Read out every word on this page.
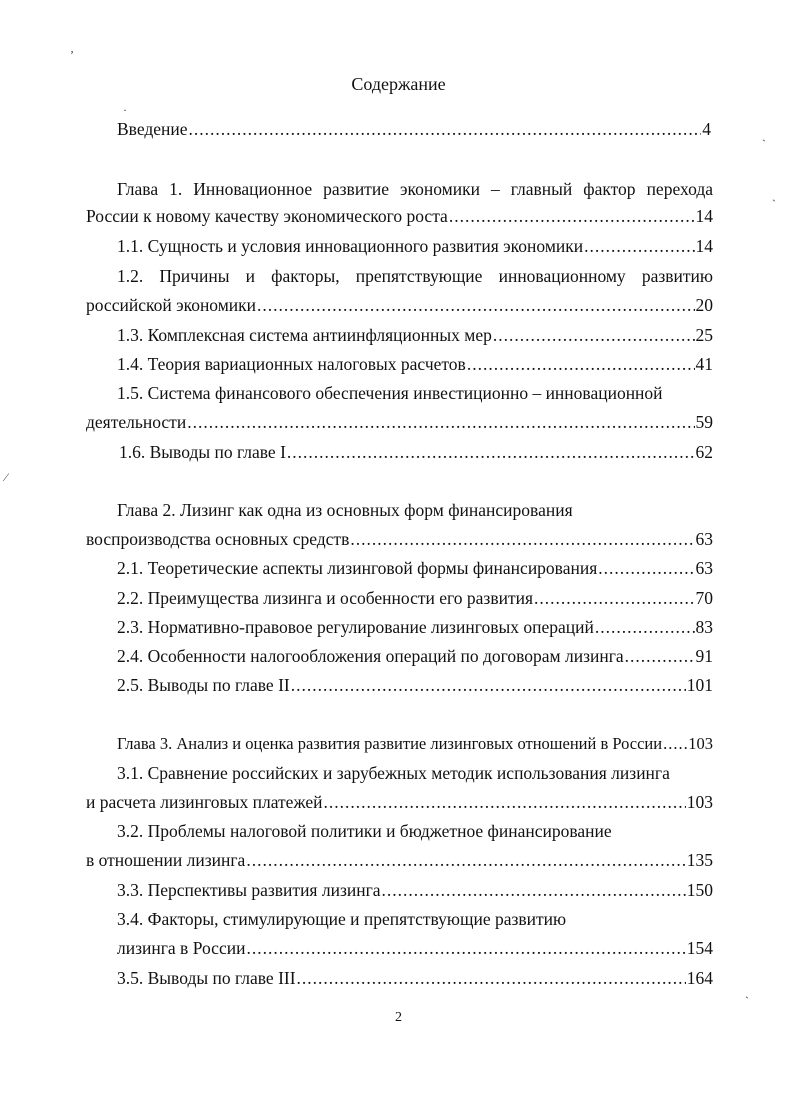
Содержание
Введение .....	4
Глава 1. Инновационное развитие экономики – главный фактор перехода
России к новому качеству экономического роста .....	14
1.1. Сущность и условия инновационного развития экономики .....	14
1.2. Причины и факторы, препятствующие инновационному развитию
российской экономики .....	20
1.3. Комплексная система антиинфляционных мер .....	25
1.4. Теория вариационных налоговых расчетов .....	41
1.5. Система финансового обеспечения инвестиционно – инновационной
деятельности .....	59
1.6. Выводы по главе I .....	62
Глава 2. Лизинг как одна из основных форм финансирования
воспроизводства основных средств .....	63
2.1. Теоретические аспекты лизинговой формы финансирования .....	63
2.2. Преимущества лизинга и особенности его развития .....	70
2.3. Нормативно-правовое регулирование лизинговых операций .....	83
2.4. Особенности налогообложения операций по договорам лизинга .....	91
2.5. Выводы по главе II .....	101
Глава 3. Анализ и оценка развития развитие лизинговых отношений в России ..... 103
3.1. Сравнение российских и зарубежных методик использования лизинга
и расчета лизинговых платежей .....	103
3.2. Проблемы налоговой политики и бюджетное финансирование
в отношении лизинга .....	135
3.3. Перспективы развития лизинга .....	150
3.4. Факторы, стимулирующие и препятствующие развитию
лизинга в России .....	154
3.5. Выводы по главе III .....	164
2
ʼ
·
ˎ
ˋ
⁄
ˎ
